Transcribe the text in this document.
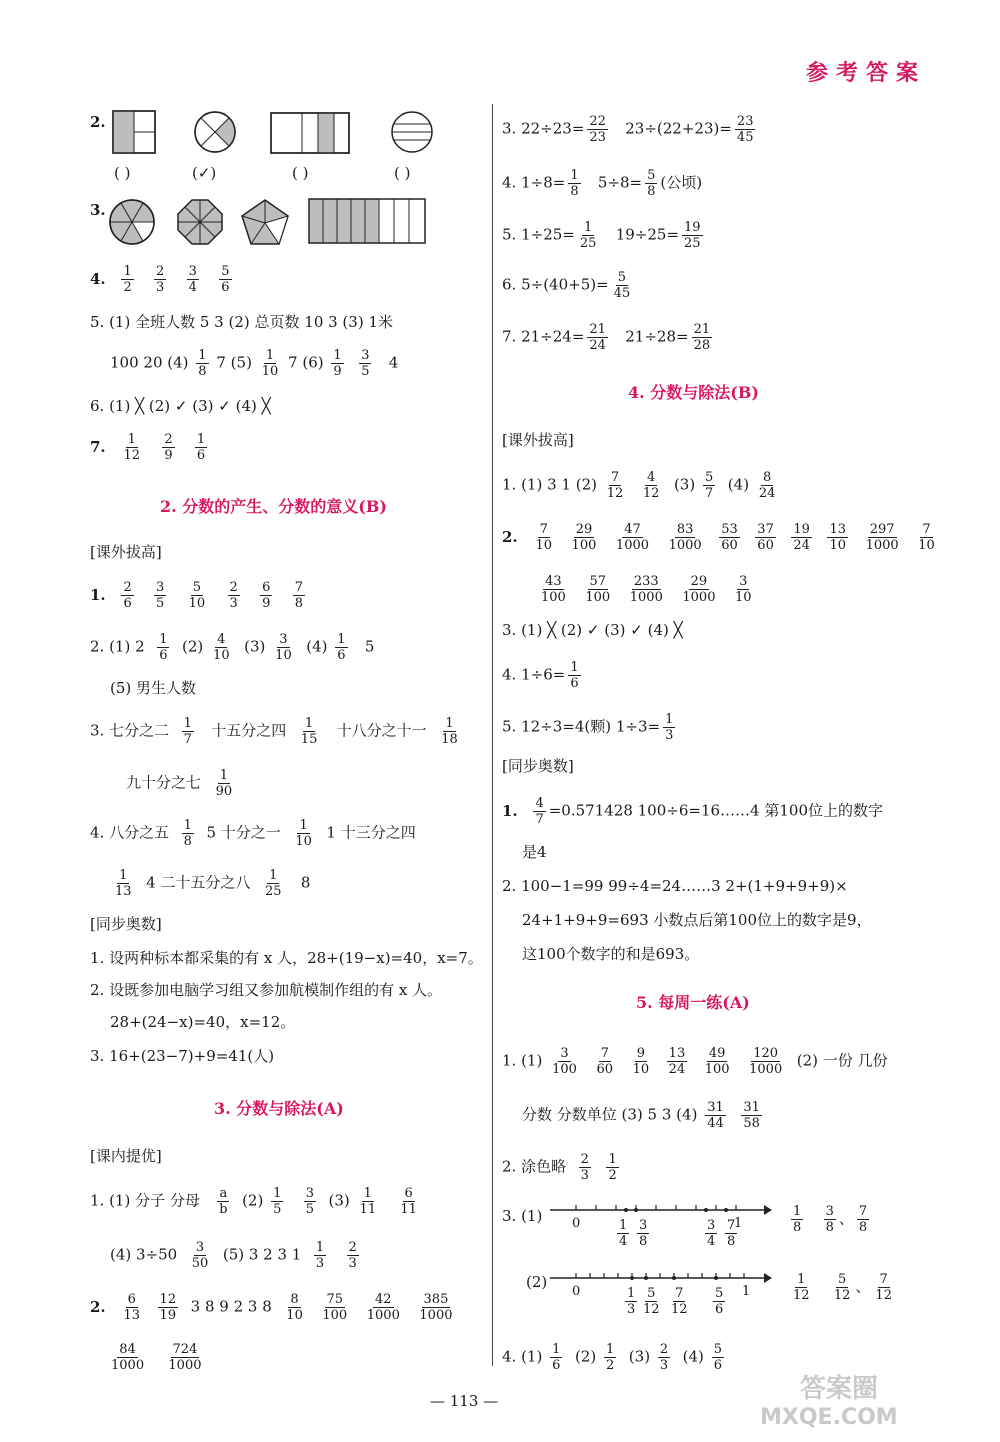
参考答案
2.
( )	(✓)	( )	( )
3.
4. $\frac{1}{2}$
$\frac{2}{3}$
$\frac{3}{4}$
$\frac{5}{6}$
5. (1) 全班人数 5 3 (2) 总页数 10 3 (3) 1米
100 20 $(4) \frac{1}{8} 7$ $(5) \frac{1}{10} 7$ $(6) \frac{1}{9}$
$\frac{3}{5} 4$
6. (1) ╳ (2) ✓ (3) ✓ (4) ╳
7. $\frac{1}{12}$
$\frac{2}{9}$
$\frac{1}{6}$
2. 分数的产生、分数的意义(B)
[课外拔高]
1. $\frac{2}{6}$
$\frac{3}{5}$
$\frac{5}{10}$
$\frac{2}{3}$
$\frac{6}{9}$
$\frac{7}{8}$
2. (1) $2 \frac{1}{6} (2) \frac{4}{10} (3) \frac{3}{10} (4) \frac{1}{6} 5$
(5) 男生人数
3. 七分之二 $\frac{1}{7}$ 十五分之四 $\frac{1}{15}$ 十八分之十一 $\frac{1}{18}$
九十分之七 $\frac{1}{90}$
4. 八分之五 $\frac{1}{8} 5$ 十分之一 $\frac{1}{10} 1$ 十三分之四
$\frac{1}{13} 4$ 二十五分之八 $\frac{1}{25} 8$
[同步奥数]
1. 设两种标本都采集的有 x 人，28+(19−x)=40，x=7。
2. 设既参加电脑学习组又参加航模制作组的有 x 人。
28+(24−x)=40，x=12。
3. 16+(23−7)+9=41(人)
3. 分数与除法(A)
[课内提优]
1. (1) 分子 分母 $\frac{a}{b} (2) \frac{1}{5}$
$\frac{3}{5} (3) \frac{1}{11}$
$\frac{6}{11}$
(4) $3\div 50 \frac{3}{50} (5)$ 3 2 3 $1 \frac{1}{3}$
$\frac{2}{3}$
2. $\frac{6}{13}$
$\frac{12}{19} 3$ 8 9 2 3 $8 \frac{8}{10}$
$\frac{75}{100}$
$\frac{42}{1000}$
$\frac{385}{1000}$
$\frac{84}{1000}$
$\frac{724}{1000}$
3. $22\div 23= \frac{22}{23} 23\div(22+23)= \frac{23}{45}$
4. $1\div 8= \frac{1}{8} 5\div 8= \frac{5}{8}$ (公顷)
5. $1\div 25= \frac{1}{25} 19\div 25= \frac{19}{25}$
6. $5\div(40+5)= \frac{5}{45}$
7. $21\div 24= \frac{21}{24} 21\div 28= \frac{21}{28}$
4. 分数与除法(B)
[课外拔高]
1. (1) 3 1 $(2) \frac{7}{12}$
$\frac{4}{12} (3) \frac{5}{7} (4) \frac{8}{24}$
2. $\frac{7}{10}$
$\frac{29}{100}$
$\frac{47}{1000}$
$\frac{83}{1000}$
$\frac{53}{60}$
$\frac{37}{60}$
$\frac{19}{24}$
$\frac{13}{10}$
$\frac{297}{1000}$
$\frac{7}{10}$
$\frac{43}{100}$
$\frac{57}{100}$
$\frac{233}{1000}$
$\frac{29}{1000}$
$\frac{3}{10}$
3. (1) ╳ (2) ✓ (3) ✓ (4) ╳
4. $1\div 6= \frac{1}{6}$
5. 12÷3=4(颗) $1\div 3= \frac{1}{3}$
[同步奥数]
1. $\frac{4}{7} =0.571428$ 100÷6=16……4 第100位上的数字
是4
2. 100−1=99 99÷4=24……3 2+(1+9+9+9)×
24+1+9+9=693 小数点后第100位上的数字是9，
这100个数字的和是693。
5. 每周一练(A)
1. $(1) \frac{3}{100}$
$\frac{7}{60}$
$\frac{9}{10}$
$\frac{13}{24}$
$\frac{49}{100}$
$\frac{120}{1000} (2)$ 一份 几份
分数 分数单位 (3) 5 3 $(4) \frac{31}{44}$
$\frac{31}{58}$
2. 涂色略 $\frac{2}{3}$
$\frac{1}{2}$
3. (1) 0	1
$\frac{1}{4} \frac{3}{8}$	$\frac{3}{4} \frac{7}{8}$	$\frac{1}{8}$
$\frac{3}{8}$ 、 $\frac{7}{8}$
(2)
0	1
$\frac{1}{3} \frac{5}{12} \frac{7}{12} \frac{5}{6}$	$\frac{1}{12}$
$\frac{5}{12}$ 、 $\frac{7}{12}$
4. $(1) \frac{1}{6} (2) \frac{1}{2} (3) \frac{2}{3} (4) \frac{5}{6}$
— 113 —	答案圈
MXQE.COM
